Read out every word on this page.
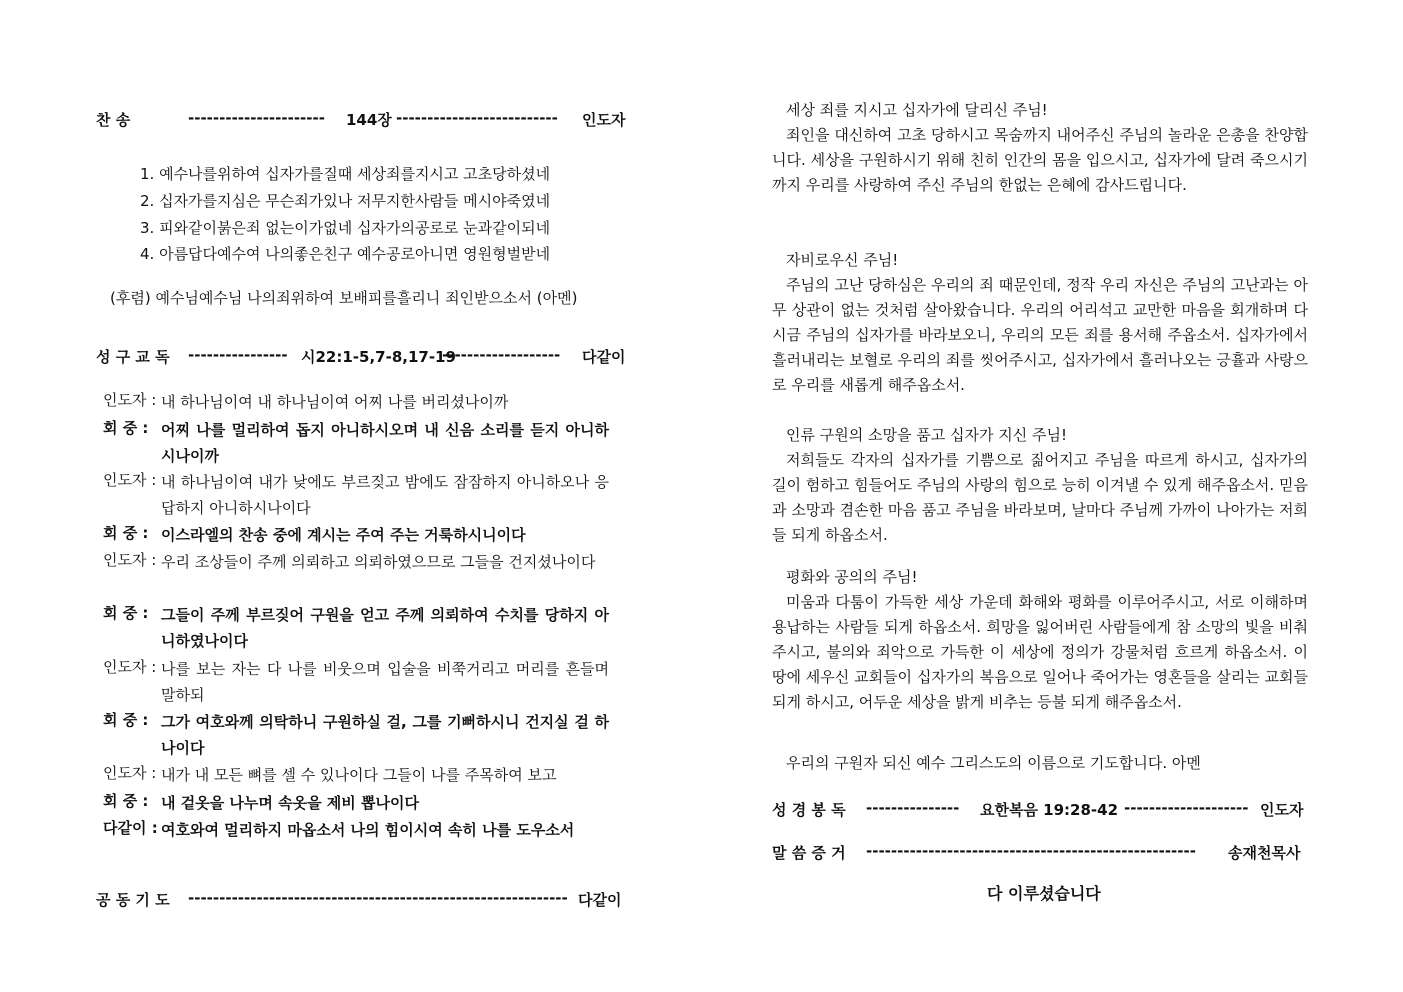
찬 송	---------------------- 144장 -------------------------- 인도자
1. 예수나를위하여 십자가를질때 세상죄를지시고 고초당하셨네
2. 십자가를지심은 무슨죄가있나 저무지한사람들 메시야죽였네
3. 피와같이붉은죄 없는이가없네 십자가의공로로 눈과같이되네
4. 아름답다예수여 나의좋은친구 예수공로아니면 영원형벌받네
(후렴) 예수님예수님 나의죄위하여 보배피를흘리니 죄인받으소서 (아멘)
성 구 교 독 ---------------- 시22:1-5,7-8,17-19
------------------- 다같이
인도자 : 내 하나님이여 내 하나님이여 어찌 나를 버리셨나이까
회 중 : 어찌 나를 멀리하여 돕지 아니하시오며 내 신음 소리를 듣지 아니하시나이까
인도자 : 내 하나님이여 내가 낮에도 부르짖고 밤에도 잠잠하지 아니하오나 응답하지 아니하시나이다
회 중 : 이스라엘의 찬송 중에 계시는 주여 주는 거룩하시니이다
인도자 : 우리 조상들이 주께 의뢰하고 의뢰하였으므로 그들을 건지셨나이다
회 중 : 그들이 주께 부르짖어 구원을 얻고 주께 의뢰하여 수치를 당하지 아니하였나이다
인도자 : 나를 보는 자는 다 나를 비웃으며 입술을 비쭉거리고 머리를 흔들며 말하되
회 중 : 그가 여호와께 의탁하니 구원하실 걸, 그를 기뻐하시니 건지실 걸 하나이다
인도자 : 내가 내 모든 뼈를 셀 수 있나이다 그들이 나를 주목하여 보고
회 중 : 내 겉옷을 나누며 속옷을 제비 뽑나이다
다같이 : 여호와여 멀리하지 마옵소서 나의 힘이시여 속히 나를 도우소서
공 동 기 도 ------------------------------------------------------------- 다같이

세상 죄를 지시고 십자가에 달리신 주님!

죄인을 대신하여 고초 당하시고 목숨까지 내어주신 주님의 놀라운 은총을 찬양합니다. 세상을 구원하시기 위해 친히 인간의 몸을 입으시고, 십자가에 달려 죽으시기까지 우리를 사랑하여 주신 주님의 한없는 은혜에 감사드립니다.

자비로우신 주님!

주님의 고난 당하심은 우리의 죄 때문인데, 정작 우리 자신은 주님의 고난과는 아무 상관이 없는 것처럼 살아왔습니다. 우리의 어리석고 교만한 마음을 회개하며 다시금 주님의 십자가를 바라보오니, 우리의 모든 죄를 용서해 주옵소서. 십자가에서 흘러내리는 보혈로 우리의 죄를 씻어주시고, 십자가에서 흘러나오는 긍휼과 사랑으로 우리를 새롭게 해주옵소서.

인류 구원의 소망을 품고 십자가 지신 주님!

저희들도 각자의 십자가를 기쁨으로 짊어지고 주님을 따르게 하시고, 십자가의 길이 험하고 힘들어도 주님의 사랑의 힘으로 능히 이겨낼 수 있게 해주옵소서. 믿음과 소망과 겸손한 마음 품고 주님을 바라보며, 날마다 주님께 가까이 나아가는 저희들 되게 하옵소서.

평화와 공의의 주님!

미움과 다툼이 가득한 세상 가운데 화해와 평화를 이루어주시고, 서로 이해하며 용납하는 사람들 되게 하옵소서. 희망을 잃어버린 사람들에게 참 소망의 빛을 비춰주시고, 불의와 죄악으로 가득한 이 세상에 정의가 강물처럼 흐르게 하옵소서. 이 땅에 세우신 교회들이 십자가의 복음으로 일어나 죽어가는 영혼들을 살리는 교회들 되게 하시고, 어두운 세상을 밝게 비추는 등불 되게 해주옵소서.

우리의 구원자 되신 예수 그리스도의 이름으로 기도합니다. 아멘

성 경 봉 독 --------------- 요한복음 19:28-42 -------------------- 인도자
말 씀 증 거 ----------------------------------------------------- 송재천목사
다 이루셨습니다
